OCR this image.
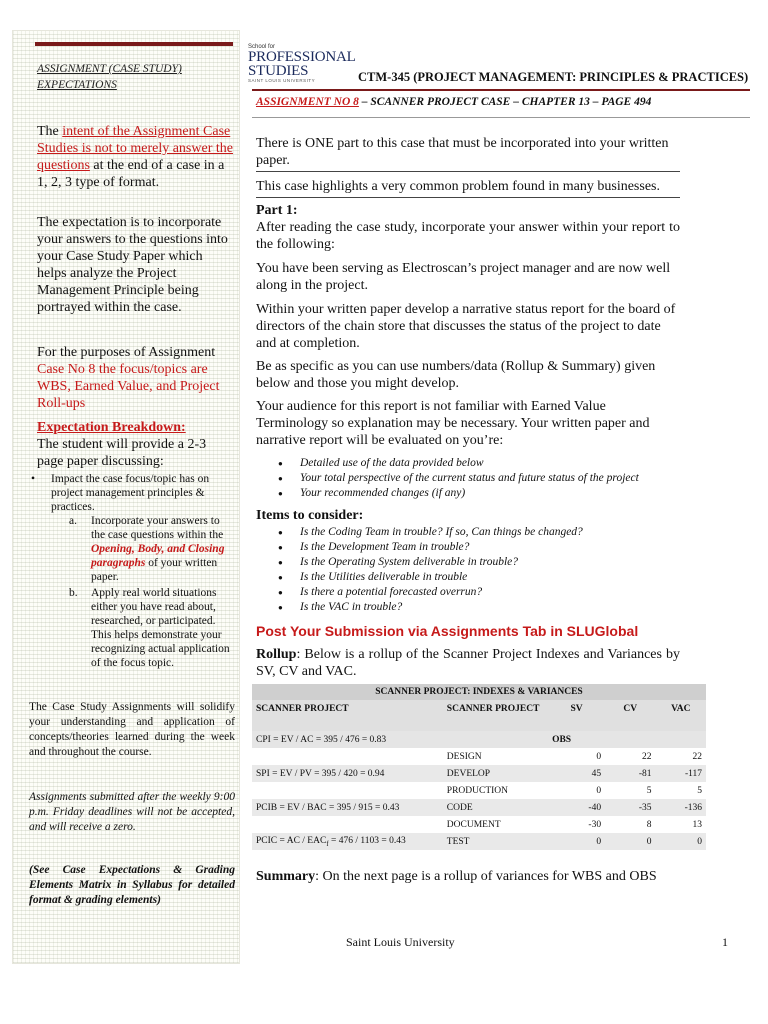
ASSIGNMENT (CASE STUDY) EXPECTATIONS
The intent of the Assignment Case Studies is not to merely answer the questions at the end of a case in a 1, 2, 3 type of format.
The expectation is to incorporate your answers to the questions into your Case Study Paper which helps analyze the Project Management Principle being portrayed within the case.
For the purposes of Assignment Case No 8 the focus/topics are WBS, Earned Value, and Project Roll-ups
Expectation Breakdown:
The student will provide a 2-3 page paper discussing:
• Impact the case focus/topic has on project management principles & practices.
a. Incorporate your answers to the case questions within the Opening, Body, and Closing paragraphs of your written paper.
b. Apply real world situations either you have read about, researched, or participated. This helps demonstrate your recognizing actual application of the focus topic.
The Case Study Assignments will solidify your understanding and application of concepts/theories learned during the week and throughout the course.
Assignments submitted after the weekly 9:00 p.m. Friday deadlines will not be accepted, and will receive a zero.
(See Case Expectations & Grading Elements Matrix in Syllabus for detailed format & grading elements)
School for
PROFESSIONAL
STUDIES
SAINT LOUIS UNIVERSITY	CTM-345 (PROJECT MANAGEMENT: PRINCIPLES & PRACTICES)
ASSIGNMENT NO 8 – SCANNER PROJECT CASE – CHAPTER 13 – PAGE 494
There is ONE part to this case that must be incorporated into your written paper.
This case highlights a very common problem found in many businesses.
Part 1:
After reading the case study, incorporate your answer within your report to the following:
You have been serving as Electroscan’s project manager and are now well along in the project.
Within your written paper develop a narrative status report for the board of directors of the chain store that discusses the status of the project to date and at completion.
Be as specific as you can use numbers/data (Rollup & Summary) given below and those you might develop.
Your audience for this report is not familiar with Earned Value Terminology so explanation may be necessary. Your written paper and narrative report will be evaluated on you’re:
● Detailed use of the data provided below
● Your total perspective of the current status and future status of the project
● Your recommended changes (if any)
Items to consider:
● Is the Coding Team in trouble? If so, Can things be changed?
● Is the Development Team in trouble?
● Is the Operating System deliverable in trouble?
● Is the Utilities deliverable in trouble
● Is there a potential forecasted overrun?
● Is the VAC in trouble?
Post Your Submission via Assignments Tab in SLUGlobal
Rollup: Below is a rollup of the Scanner Project Indexes and Variances by SV, CV and VAC.
SCANNER PROJECT: INDEXES & VARIANCES
SCANNER PROJECT	SCANNER PROJECT	SV	CV	VAC
CPI = EV / AC = 395 / 476 = 0.83		OBS		
	DESIGN	0	22	22
SPI = EV / PV = 395 / 420 = 0.94	DEVELOP	45	-81	-117
	PRODUCTION	0	5	5
PCIB = EV / BAC = 395 / 915 = 0.43	CODE	-40	-35	-136
	DOCUMENT	-30	8	13
PCIC = AC / $EAC_f = 476 / 1103 = 0.43$	TEST	0	0	0
Summary: On the next page is a rollup of variances for WBS and OBS
Saint Louis University	1
